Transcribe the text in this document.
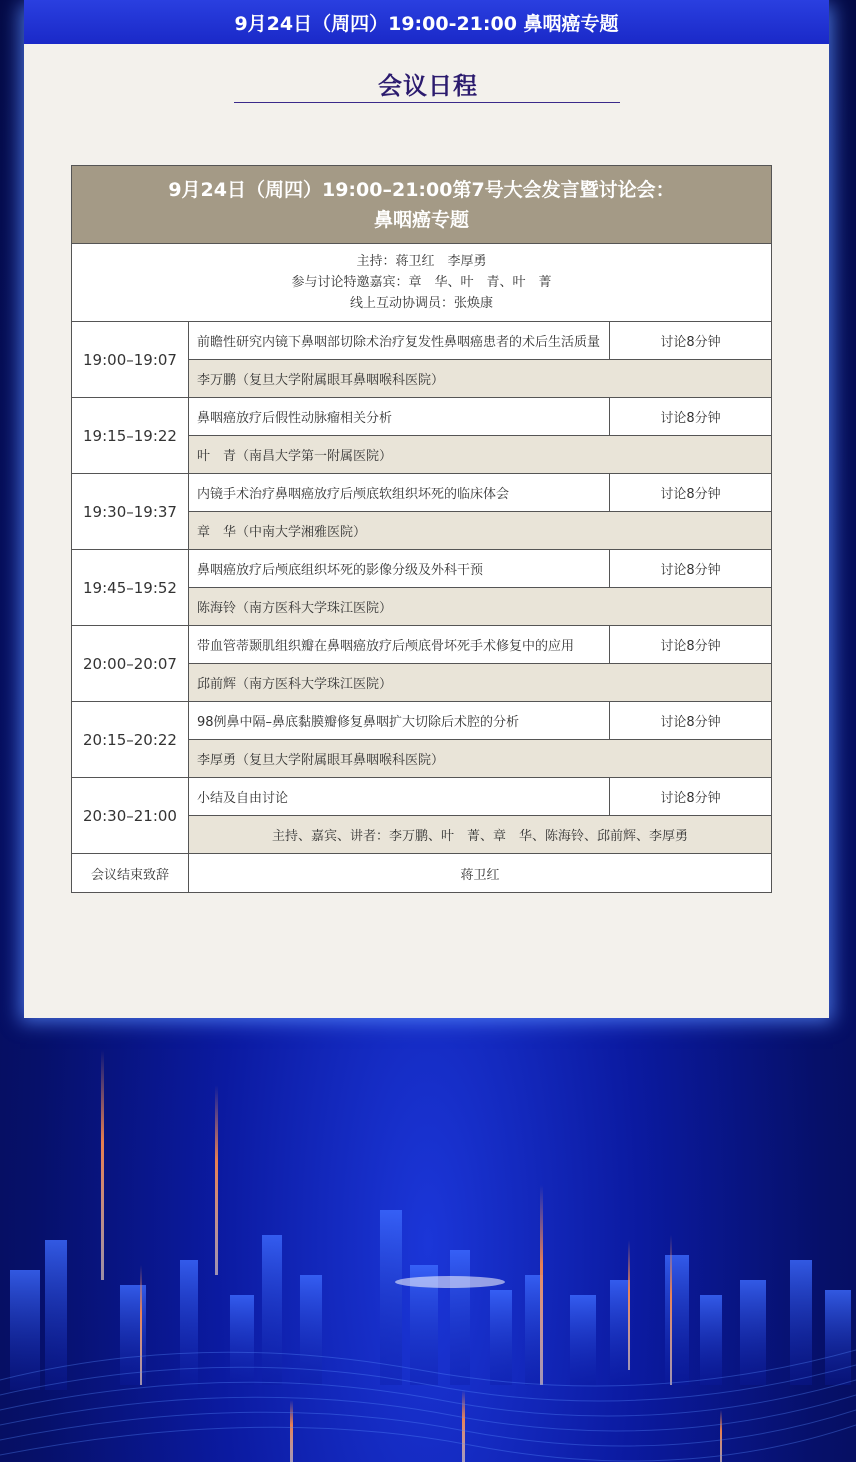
9月24日（周四）19:00-21:00 鼻咽癌专题
会议日程
9月24日（周四）19:00–21:00第7号大会发言暨讨论会：
鼻咽癌专题		

主持：蒋卫红　李厚勇
参与讨论特邀嘉宾：章　华、叶　青、叶　菁
线上互动协调员：张焕康		

19:00–19:07	前瞻性研究内镜下鼻咽部切除术治疗复发性鼻咽癌患者的术后生活质量	讨论8分钟
	李万鹏（复旦大学附属眼耳鼻咽喉科医院）	
19:15–19:22	鼻咽癌放疗后假性动脉瘤相关分析	讨论8分钟
	叶　青（南昌大学第一附属医院）	
19:30–19:37	内镜手术治疗鼻咽癌放疗后颅底软组织坏死的临床体会	讨论8分钟
	章　华（中南大学湘雅医院）	
19:45–19:52	鼻咽癌放疗后颅底组织坏死的影像分级及外科干预	讨论8分钟
	陈海铃（南方医科大学珠江医院）	
20:00–20:07	带血管蒂颞肌组织瓣在鼻咽癌放疗后颅底骨坏死手术修复中的应用	讨论8分钟
	邱前辉（南方医科大学珠江医院）	
20:15–20:22	98例鼻中隔–鼻底黏膜瓣修复鼻咽扩大切除后术腔的分析	讨论8分钟
	李厚勇（复旦大学附属眼耳鼻咽喉科医院）	
20:30–21:00	小结及自由讨论	讨论8分钟
	主持、嘉宾、讲者：李万鹏、叶　菁、章　华、陈海铃、邱前辉、李厚勇	
会议结束致辞	蒋卫红	
